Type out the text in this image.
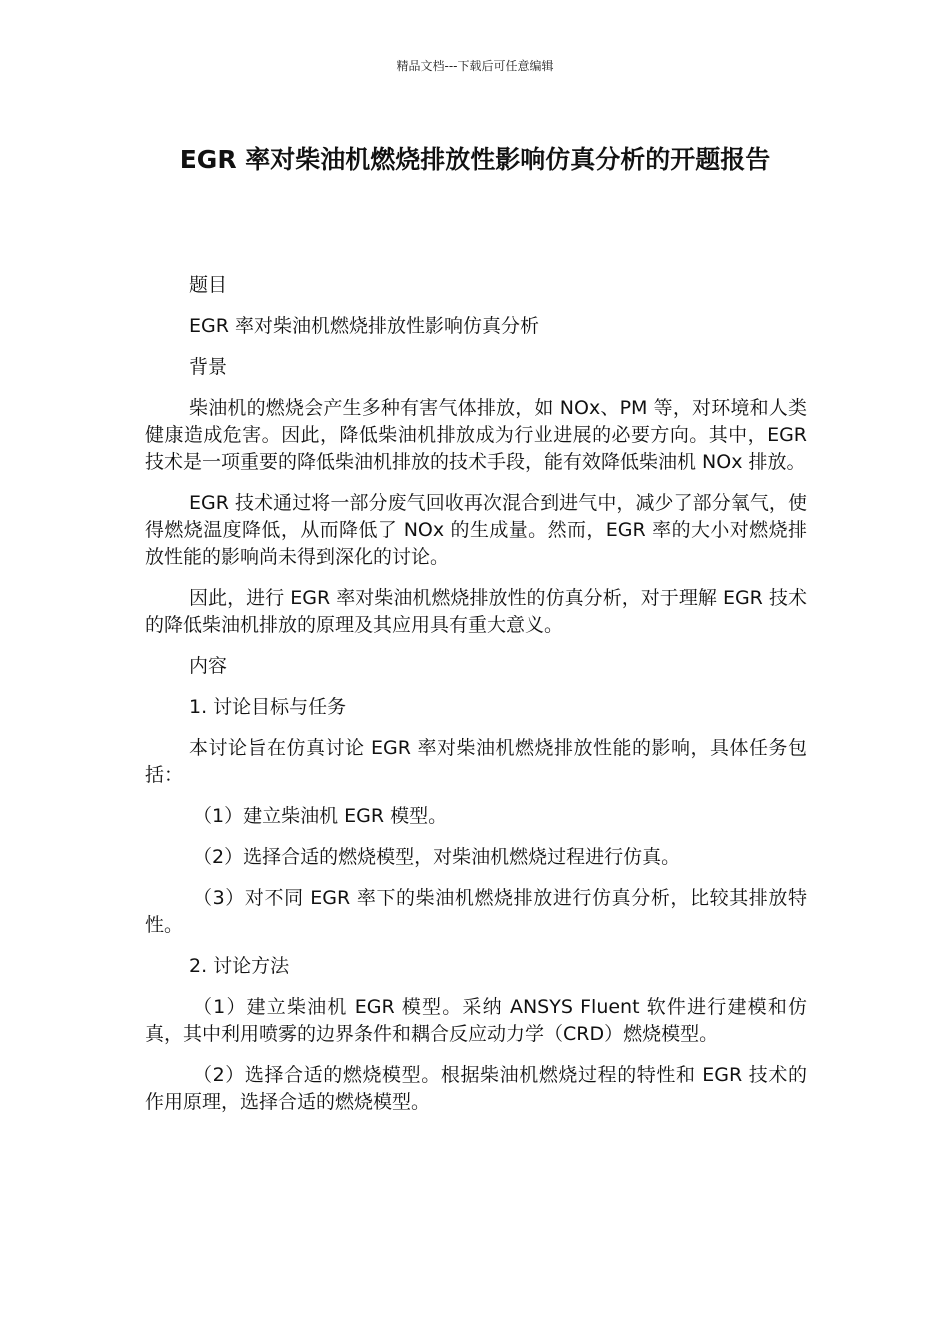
精品文档---下载后可任意编辑
EGR 率对柴油机燃烧排放性影响仿真分析的开题报告

题目

EGR 率对柴油机燃烧排放性影响仿真分析

背景

柴油机的燃烧会产生多种有害气体排放，如 NOx、PM 等，对环境和人类健康造成危害。因此，降低柴油机排放成为行业进展的必要方向。其中，EGR 技术是一项重要的降低柴油机排放的技术手段，能有效降低柴油机 NOx 排放。

EGR 技术通过将一部分废气回收再次混合到进气中，减少了部分氧气，使得燃烧温度降低，从而降低了 NOx 的生成量。然而，EGR 率的大小对燃烧排放性能的影响尚未得到深化的讨论。

因此，进行 EGR 率对柴油机燃烧排放性的仿真分析，对于理解 EGR 技术的降低柴油机排放的原理及其应用具有重大意义。

内容

1. 讨论目标与任务

本讨论旨在仿真讨论 EGR 率对柴油机燃烧排放性能的影响，具体任务包括：

（1）建立柴油机 EGR 模型。

（2）选择合适的燃烧模型，对柴油机燃烧过程进行仿真。

（3）对不同 EGR 率下的柴油机燃烧排放进行仿真分析，比较其排放特性。

2. 讨论方法

（1）建立柴油机 EGR 模型。采纳 ANSYS Fluent 软件进行建模和仿真，其中利用喷雾的边界条件和耦合反应动力学（CRD）燃烧模型。

（2）选择合适的燃烧模型。根据柴油机燃烧过程的特性和 EGR 技术的作用原理，选择合适的燃烧模型。
